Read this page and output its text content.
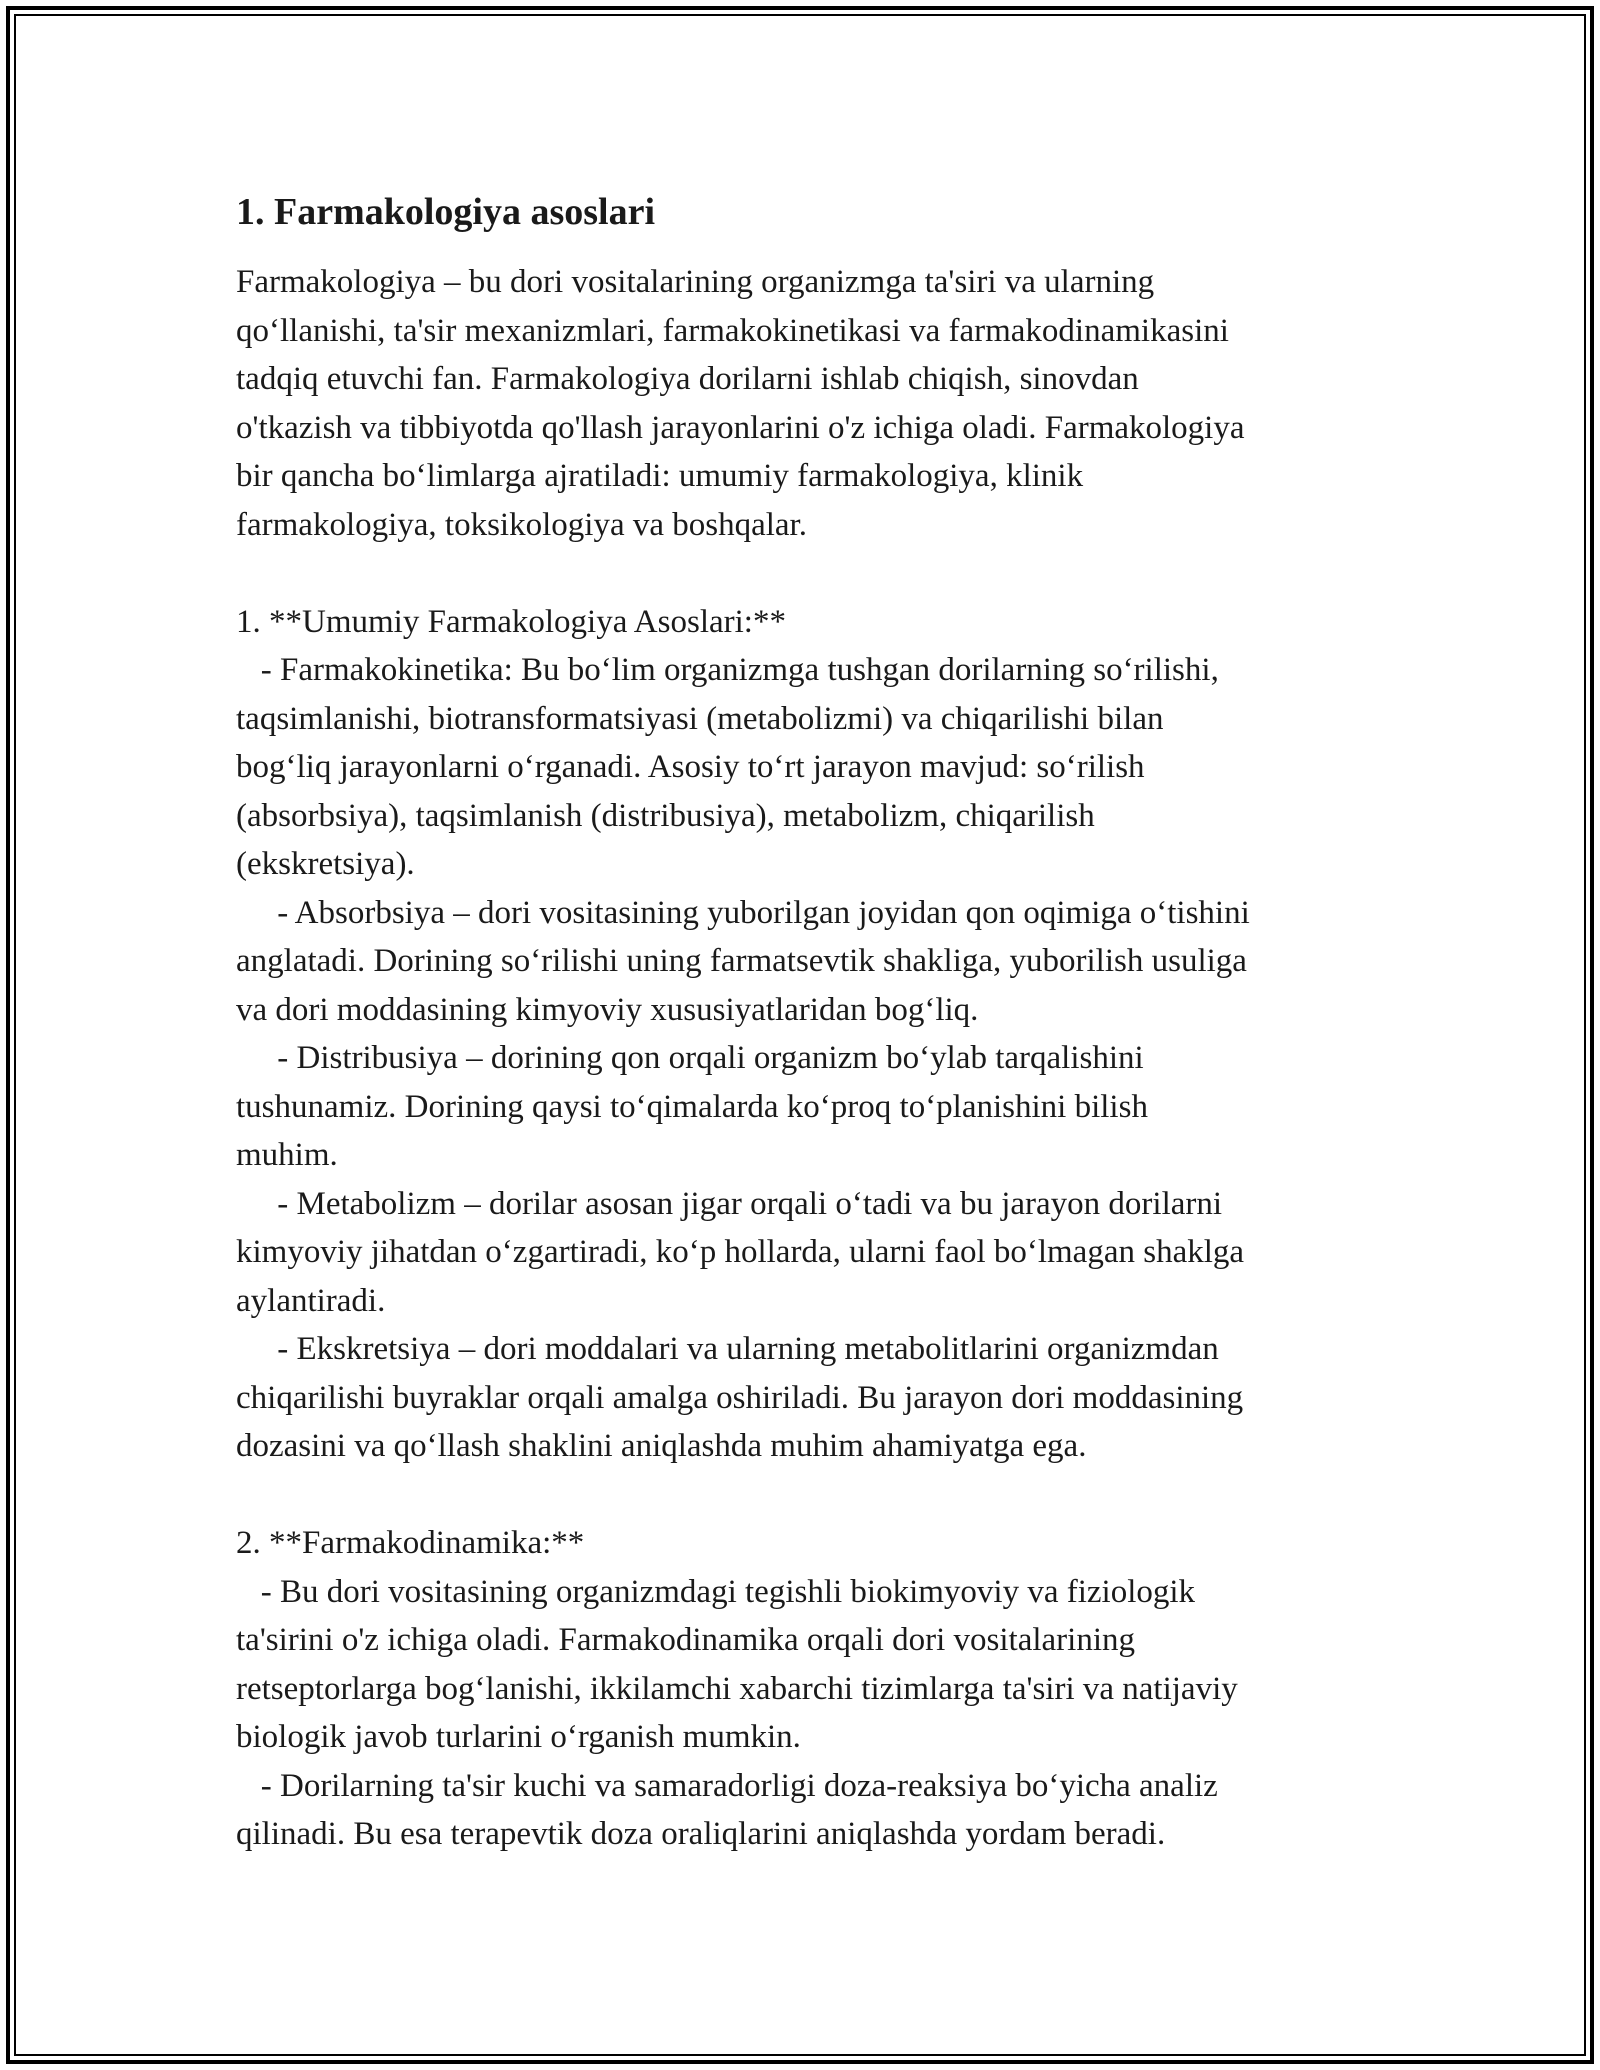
1. Farmakologiya asoslari

Farmakologiya – bu dori vositalarining organizmga ta'siri va ularning

qo‘llanishi, ta'sir mexanizmlari, farmakokinetikasi va farmakodinamikasini

tadqiq etuvchi fan. Farmakologiya dorilarni ishlab chiqish, sinovdan

o'tkazish va tibbiyotda qo'llash jarayonlarini o'z ichiga oladi. Farmakologiya

bir qancha bo‘limlarga ajratiladi: umumiy farmakologiya, klinik

farmakologiya, toksikologiya va boshqalar.

1. **Umumiy Farmakologiya Asoslari:**

- Farmakokinetika: Bu bo‘lim organizmga tushgan dorilarning so‘rilishi,

taqsimlanishi, biotransformatsiyasi (metabolizmi) va chiqarilishi bilan

bog‘liq jarayonlarni o‘rganadi. Asosiy to‘rt jarayon mavjud: so‘rilish

(absorbsiya), taqsimlanish (distribusiya), metabolizm, chiqarilish

(ekskretsiya).

- Absorbsiya – dori vositasining yuborilgan joyidan qon oqimiga o‘tishini

anglatadi. Dorining so‘rilishi uning farmatsevtik shakliga, yuborilish usuliga

va dori moddasining kimyoviy xususiyatlaridan bog‘liq.

- Distribusiya – dorining qon orqali organizm bo‘ylab tarqalishini

tushunamiz. Dorining qaysi to‘qimalarda ko‘proq to‘planishini bilish

muhim.

- Metabolizm – dorilar asosan jigar orqali o‘tadi va bu jarayon dorilarni

kimyoviy jihatdan o‘zgartiradi, ko‘p hollarda, ularni faol bo‘lmagan shaklga

aylantiradi.

- Ekskretsiya – dori moddalari va ularning metabolitlarini organizmdan

chiqarilishi buyraklar orqali amalga oshiriladi. Bu jarayon dori moddasining

dozasini va qo‘llash shaklini aniqlashda muhim ahamiyatga ega.

2. **Farmakodinamika:**

- Bu dori vositasining organizmdagi tegishli biokimyoviy va fiziologik

ta'sirini o'z ichiga oladi. Farmakodinamika orqali dori vositalarining

retseptorlarga bog‘lanishi, ikkilamchi xabarchi tizimlarga ta'siri va natijaviy

biologik javob turlarini o‘rganish mumkin.

- Dorilarning ta'sir kuchi va samaradorligi doza-reaksiya bo‘yicha analiz

qilinadi. Bu esa terapevtik doza oraliqlarini aniqlashda yordam beradi.
